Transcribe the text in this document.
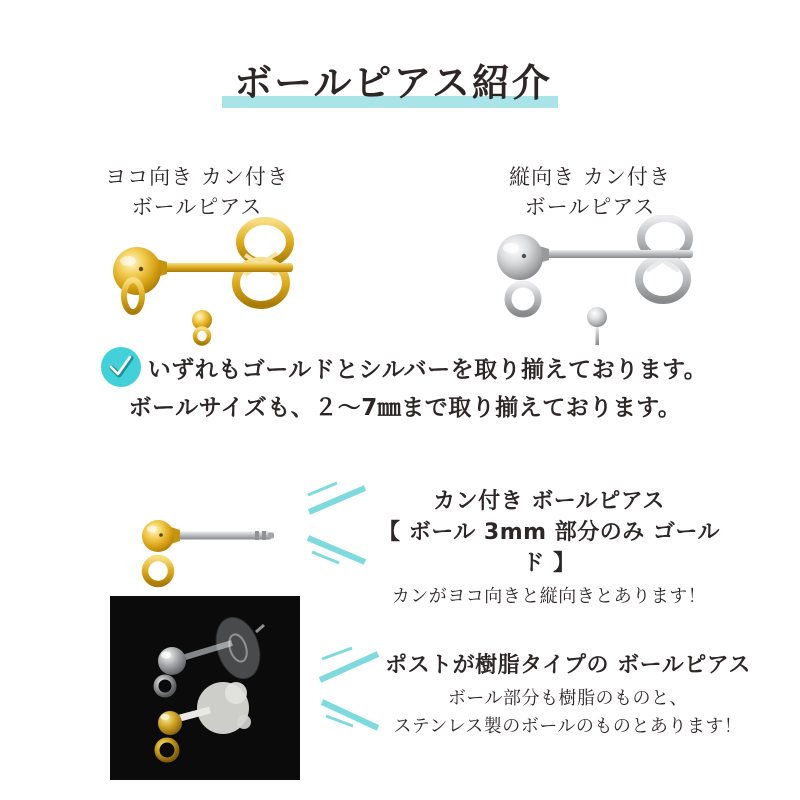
ボールピアス紹介
ヨコ向き カン付き
ボールピアス
縦向き カン付き
ボールピアス
いずれもゴールドとシルバーを取り揃えております。
ボールサイズも、２～7㎜まで取り揃えております。
カン付き ボールピアス
【 ボール 3mm 部分のみ ゴールド 】
カンがヨコ向きと縦向きとあります！
ポストが樹脂タイプの ボールピアス
ボール部分も樹脂のものと、
ステンレス製のボールのものとあります！
